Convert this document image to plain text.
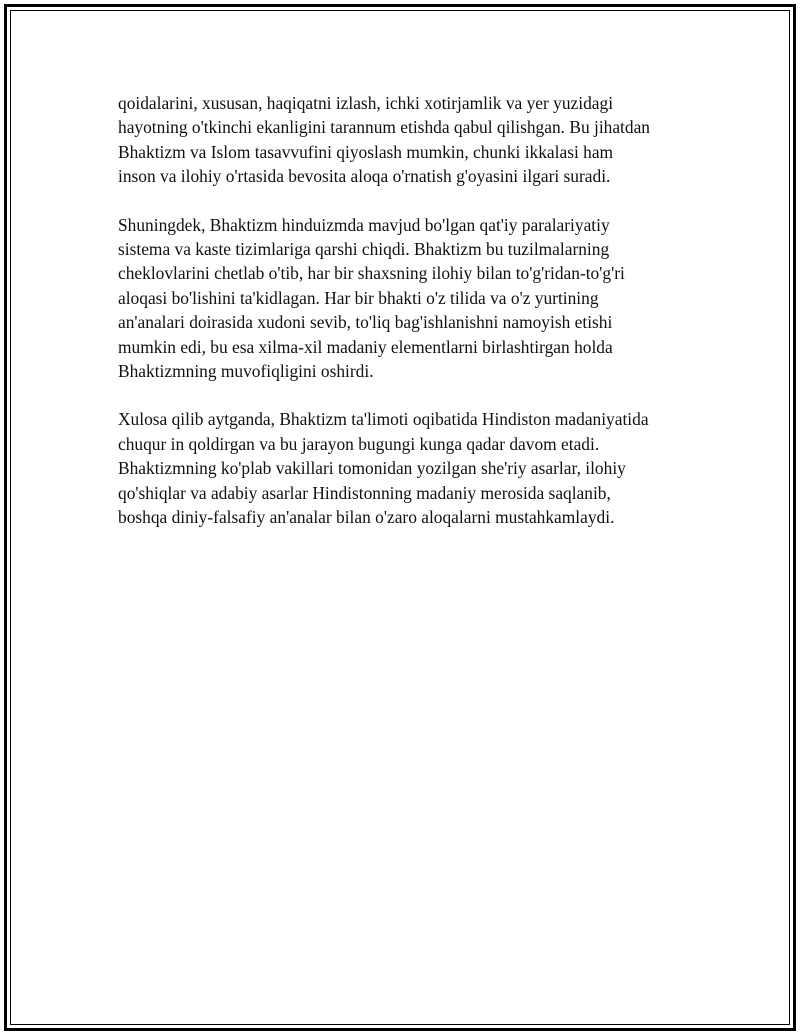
qoidalarini, xususan, haqiqatni izlash, ichki xotirjamlik va yer yuzidagi
hayotning o'tkinchi ekanligini tarannum etishda qabul qilishgan. Bu jihatdan
Bhaktizm va Islom tasavvufini qiyoslash mumkin, chunki ikkalasi ham
inson va ilohiy o'rtasida bevosita aloqa o'rnatish g'oyasini ilgari suradi.

Shuningdek, Bhaktizm hinduizmda mavjud bo'lgan qat'iy paralariyatiy
sistema va kaste tizimlariga qarshi chiqdi. Bhaktizm bu tuzilmalarning
cheklovlarini chetlab o'tib, har bir shaxsning ilohiy bilan to'g'ridan-to'g'ri
aloqasi bo'lishini ta'kidlagan. Har bir bhakti o'z tilida va o'z yurtining
an'analari doirasida xudoni sevib, to'liq bag'ishlanishni namoyish etishi
mumkin edi, bu esa xilma-xil madaniy elementlarni birlashtirgan holda
Bhaktizmning muvofiqligini oshirdi.

Xulosa qilib aytganda, Bhaktizm ta'limoti oqibatida Hindiston madaniyatida
chuqur in qoldirgan va bu jarayon bugungi kunga qadar davom etadi.
Bhaktizmning ko'plab vakillari tomonidan yozilgan she'riy asarlar, ilohiy
qo'shiqlar va adabiy asarlar Hindistonning madaniy merosida saqlanib,
boshqa diniy-falsafiy an'analar bilan o'zaro aloqalarni mustahkamlaydi.
